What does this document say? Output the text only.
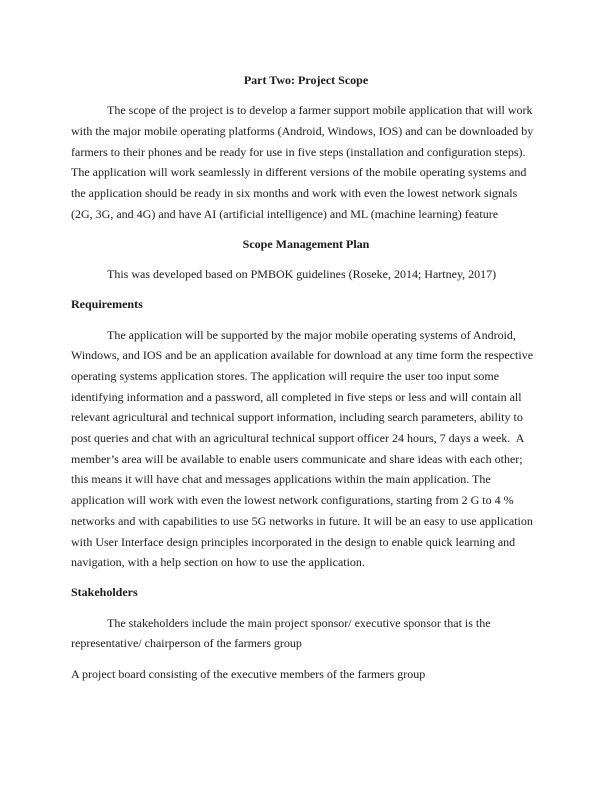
Part Two: Project Scope
The scope of the project is to develop a farmer support mobile application that will work
with the major mobile operating platforms (Android, Windows, IOS) and can be downloaded by
farmers to their phones and be ready for use in five steps (installation and configuration steps).
The application will work seamlessly in different versions of the mobile operating systems and
the application should be ready in six months and work with even the lowest network signals
(2G, 3G, and 4G) and have AI (artificial intelligence) and ML (machine learning) feature
Scope Management Plan
This was developed based on PMBOK guidelines (Roseke, 2014; Hartney, 2017)
Requirements
The application will be supported by the major mobile operating systems of Android,
Windows, and IOS and be an application available for download at any time form the respective
operating systems application stores. The application will require the user too input some
identifying information and a password, all completed in five steps or less and will contain all
relevant agricultural and technical support information, including search parameters, ability to
post queries and chat with an agricultural technical support officer 24 hours, 7 days a week.  A
member’s area will be available to enable users communicate and share ideas with each other;
this means it will have chat and messages applications within the main application. The
application will work with even the lowest network configurations, starting from 2 G to 4 %
networks and with capabilities to use 5G networks in future. It will be an easy to use application
with User Interface design principles incorporated in the design to enable quick learning and
navigation, with a help section on how to use the application.
Stakeholders
The stakeholders include the main project sponsor/ executive sponsor that is the
representative/ chairperson of the farmers group
A project board consisting of the executive members of the farmers group
